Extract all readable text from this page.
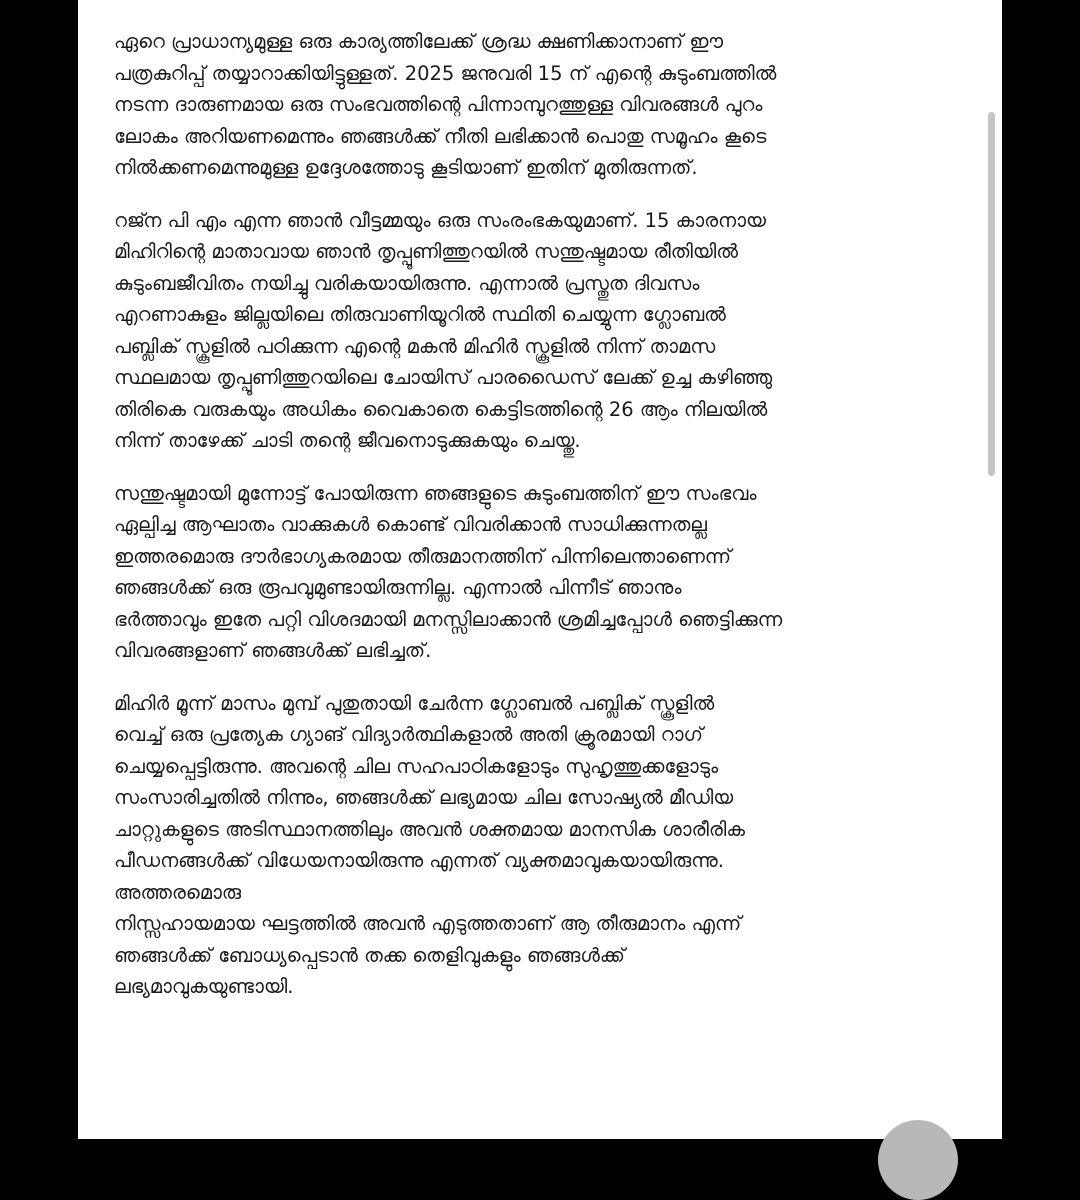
ഏറെ പ്രാധാന്യമുള്ള ഒരു കാര്യത്തിലേക്ക് ശ്രദ്ധ ക്ഷണിക്കാനാണ് ഈ
പത്രകുറിപ്പ് തയ്യാറാക്കിയിട്ടുള്ളത്. 2025 ജനുവരി 15 ന് എന്റെ കുടുംബത്തിൽ
നടന്ന ദാരുണമായ ഒരു സംഭവത്തിന്റെ പിന്നാമ്പുറത്തുള്ള വിവരങ്ങൾ പുറം
ലോകം അറിയണമെന്നും ഞങ്ങൾക്ക് നീതി ലഭിക്കാൻ പൊതു സമൂഹം കൂടെ
നിൽക്കണമെന്നുമുള്ള ഉദ്ദേശത്തോടു കൂടിയാണ് ഇതിന് മുതിരുന്നത്.

റജ്ന പി എം എന്ന ഞാൻ വീട്ടമ്മയും ഒരു സംരംഭകയുമാണ്. 15 കാരനായ
മിഹിറിന്റെ മാതാവായ ഞാൻ തൃപ്പൂണിത്തുറയിൽ സന്തുഷ്ടമായ രീതിയിൽ
കുടുംബജീവിതം നയിച്ചു വരികയായിരുന്നു. എന്നാൽ പ്രസ്തുത ദിവസം
എറണാകുളം ജില്ലയിലെ തിരുവാണിയൂറിൽ സ്ഥിതി ചെയ്യുന്ന ഗ്ലോബൽ
പബ്ലിക് സ്കൂളിൽ പഠിക്കുന്ന എന്റെ മകൻ മിഹിർ സ്കൂളിൽ നിന്ന് താമസ
സ്ഥലമായ തൃപ്പൂണിത്തുറയിലെ ചോയിസ് പാരഡൈസ് ലേക്ക് ഉച്ച കഴിഞ്ഞു
തിരികെ വരുകയും അധികം വൈകാതെ കെട്ടിടത്തിന്റെ 26 ആം നിലയിൽ
നിന്ന് താഴേക്ക് ചാടി തന്റെ ജീവനൊടുക്കുകയും ചെയ്തു.

സന്തുഷ്ടമായി മുന്നോട്ട് പോയിരുന്ന ഞങ്ങളുടെ കുടുംബത്തിന് ഈ സംഭവം
ഏല്പിച്ച ആഘാതം വാക്കുകൾ കൊണ്ട് വിവരിക്കാൻ സാധിക്കുന്നതല്ല
ഇത്തരമൊരു ദൗർഭാഗ്യകരമായ തീരുമാനത്തിന് പിന്നിലെന്താണെന്ന്
ഞങ്ങൾക്ക് ഒരു രൂപവുമുണ്ടായിരുന്നില്ല. എന്നാൽ പിന്നീട് ഞാനും
ഭർത്താവും ഇതേ പറ്റി വിശദമായി മനസ്സിലാക്കാൻ ശ്രമിച്ചപ്പോൾ ഞെട്ടിക്കുന്ന
വിവരങ്ങളാണ് ഞങ്ങൾക്ക് ലഭിച്ചത്.

മിഹിർ മൂന്ന് മാസം മുമ്പ് പുതുതായി ചേർന്ന ഗ്ലോബൽ പബ്ലിക് സ്കൂളിൽ
വെച്ച് ഒരു പ്രത്യേക ഗ്യാങ് വിദ്യാർത്ഥികളാൽ അതി ക്രൂരമായി റാഗ്
ചെയ്യപ്പെട്ടിരുന്നു. അവന്റെ ചില സഹപാഠികളോടും സുഹൃത്തുക്കളോടും
സംസാരിച്ചതിൽ നിന്നും, ഞങ്ങൾക്ക് ലഭ്യമായ ചില സോഷ്യൽ മീഡിയ
ചാറ്റുകളുടെ അടിസ്ഥാനത്തിലും അവൻ ശക്തമായ മാനസിക ശാരീരിക
പീഡനങ്ങൾക്ക് വിധേയനായിരുന്നു എന്നത് വ്യക്തമാവുകയായിരുന്നു.
അത്തരമൊരു
നിസ്സഹായമായ ഘട്ടത്തിൽ അവൻ എടുത്തതാണ് ആ തീരുമാനം എന്ന്
ഞങ്ങൾക്ക് ബോധ്യപ്പെടാൻ തക്ക തെളിവുകളും ഞങ്ങൾക്ക്
ലഭ്യമാവുകയുണ്ടായി.
